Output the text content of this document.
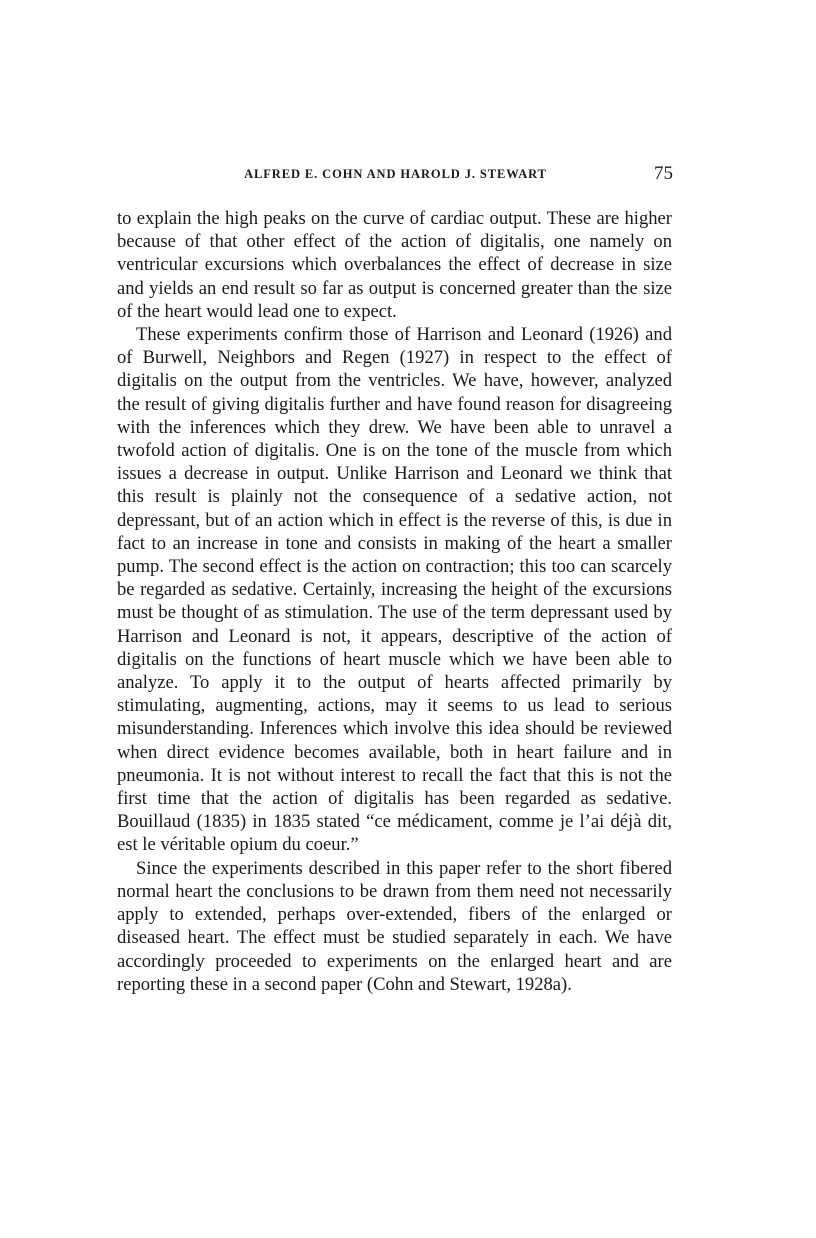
ALFRED E. COHN AND HAROLD J. STEWART	75

to explain the high peaks on the curve of cardiac output. These are higher because of that other effect of the action of digitalis, one namely on ventricular excursions which overbalances the effect of decrease in size and yields an end result so far as output is concerned greater than the size of the heart would lead one to expect.

These experiments confirm those of Harrison and Leonard (1926) and of Burwell, Neighbors and Regen (1927) in respect to the effect of digitalis on the output from the ventricles. We have, however, analyzed the result of giving digitalis further and have found reason for disagreeing with the inferences which they drew. We have been able to unravel a twofold action of digitalis. One is on the tone of the muscle from which issues a decrease in output. Unlike Harrison and Leonard we think that this result is plainly not the consequence of a sedative action, not depressant, but of an action which in effect is the reverse of this, is due in fact to an increase in tone and consists in making of the heart a smaller pump. The second effect is the action on contraction; this too can scarcely be regarded as sedative. Certainly, increasing the height of the excursions must be thought of as stimulation. The use of the term depressant used by Harrison and Leonard is not, it appears, descriptive of the action of digitalis on the functions of heart muscle which we have been able to analyze. To apply it to the output of hearts affected primarily by stimulating, augmenting, actions, may it seems to us lead to serious misunderstanding. Inferences which involve this idea should be reviewed when direct evidence becomes available, both in heart failure and in pneumonia. It is not without interest to recall the fact that this is not the first time that the action of digitalis has been regarded as sedative. Bouillaud (1835) in 1835 stated “ce médicament, comme je l’ai déjà dit, est le véritable opium du coeur.”

Since the experiments described in this paper refer to the short fibered normal heart the conclusions to be drawn from them need not necessarily apply to extended, perhaps over-extended, fibers of the enlarged or diseased heart. The effect must be studied separately in each. We have accordingly proceeded to experiments on the enlarged heart and are reporting these in a second paper (Cohn and Stewart, 1928a).
